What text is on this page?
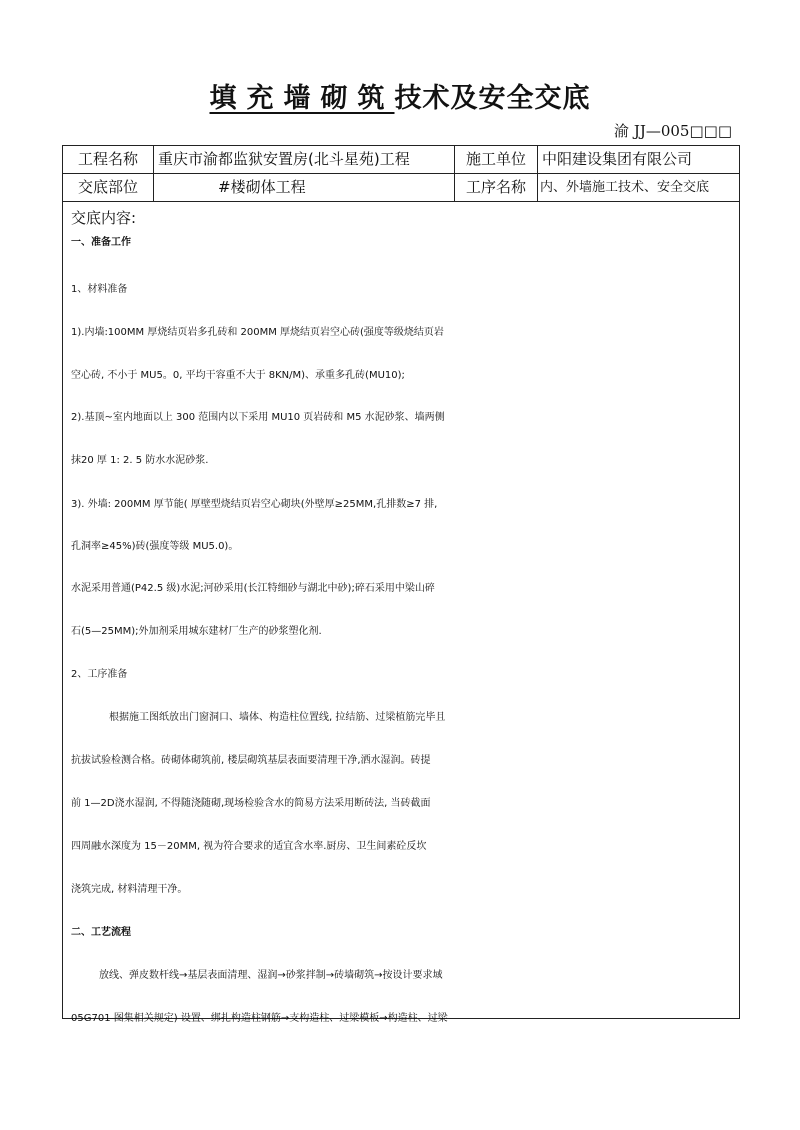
填充墙砌筑技术及安全交底
渝 JJ—005□□□
工程名称	重庆市渝都监狱安置房(北斗星苑)工程	施工单位	中阳建设集团有限公司
交底部位	#楼砌体工程	工序名称	内、外墙施工技术、安全交底
交底内容:
一、准备工作
1、材料准备
1).内墙:100MM 厚烧结页岩多孔砖和 200MM 厚烧结页岩空心砖(强度等级烧结页岩
空心砖, 不小于 MU5。0, 平均干容重不大于 8KN/M)、承重多孔砖(MU10);
2).基顶~室内地面以上 300 范围内以下采用 MU10 页岩砖和 M5 水泥砂浆、墙两侧
抹20 厚 1: 2. 5 防水水泥砂浆.
3). 外墙: 200MM 厚节能( 厚壁型烧结页岩空心砌块(外壁厚≥25MM,孔排数≥7 排,
孔洞率≥45%)砖(强度等级 MU5.0)。
水泥采用普通(P42.5 级)水泥;河砂采用(长江特细砂与湖北中砂);碎石采用中梁山碎
石(5—25MM);外加剂采用城东建材厂生产的砂浆塑化剂.
2、工序准备
根据施工图纸放出门窗洞口、墙体、构造柱位置线, 拉结筋、过梁植筋完毕且
抗拔试验检测合格。砖砌体砌筑前, 楼层砌筑基层表面要清理干净,洒水湿润。砖提
前 1—2D浇水湿润, 不得随浇随砌,现场检验含水的简易方法采用断砖法, 当砖截面
四周融水深度为 15－20MM, 视为符合要求的适宜含水率.厨房、卫生间素砼反坎
浇筑完成, 材料清理干净。
二、工艺流程
放线、弹皮数杆线→基层表面清理、湿润→砂浆拌制→砖墙砌筑→按设计要求域
05G701 图集相关规定) 设置、绑扎构造柱钢筋→支构造柱、过梁模板→构造柱、过梁
